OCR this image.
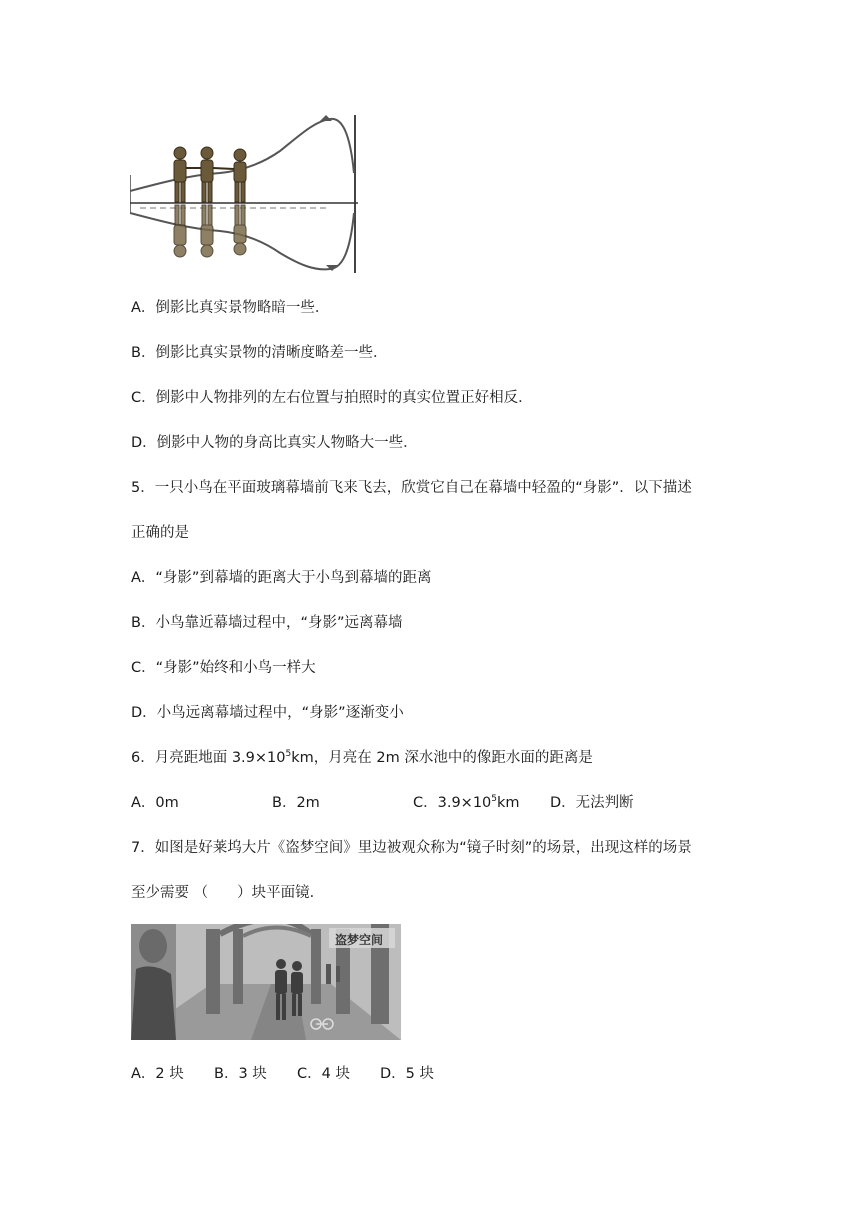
A．倒影比真实景物略暗一些．
B．倒影比真实景物的清晰度略差一些．
C．倒影中人物排列的左右位置与拍照时的真实位置正好相反．
D．倒影中人物的身高比真实人物略大一些．
5．一只小鸟在平面玻璃幕墙前飞来飞去，欣赏它自己在幕墙中轻盈的“身影”．以下描述
正确的是
A．“身影”到幕墙的距离大于小鸟到幕墙的距离
B．小鸟靠近幕墙过程中，“身影”远离幕墙
C．“身影”始终和小鸟一样大
D．小鸟远离幕墙过程中，“身影”逐渐变小
6．月亮距地面 $3.9\times 10^5km$，月亮在 2m 深水池中的像距水面的距离是
A．0m	B．2m	C．$3.9\times 10^5km$ D．无法判断
7．如图是好莱坞大片《盗梦空间》里边被观众称为“镜子时刻”的场景，出现这样的场景
至少需要 （　　）块平面镜．
盗梦空间
A．2 块 B．3 块 C．4 块 D．5 块
